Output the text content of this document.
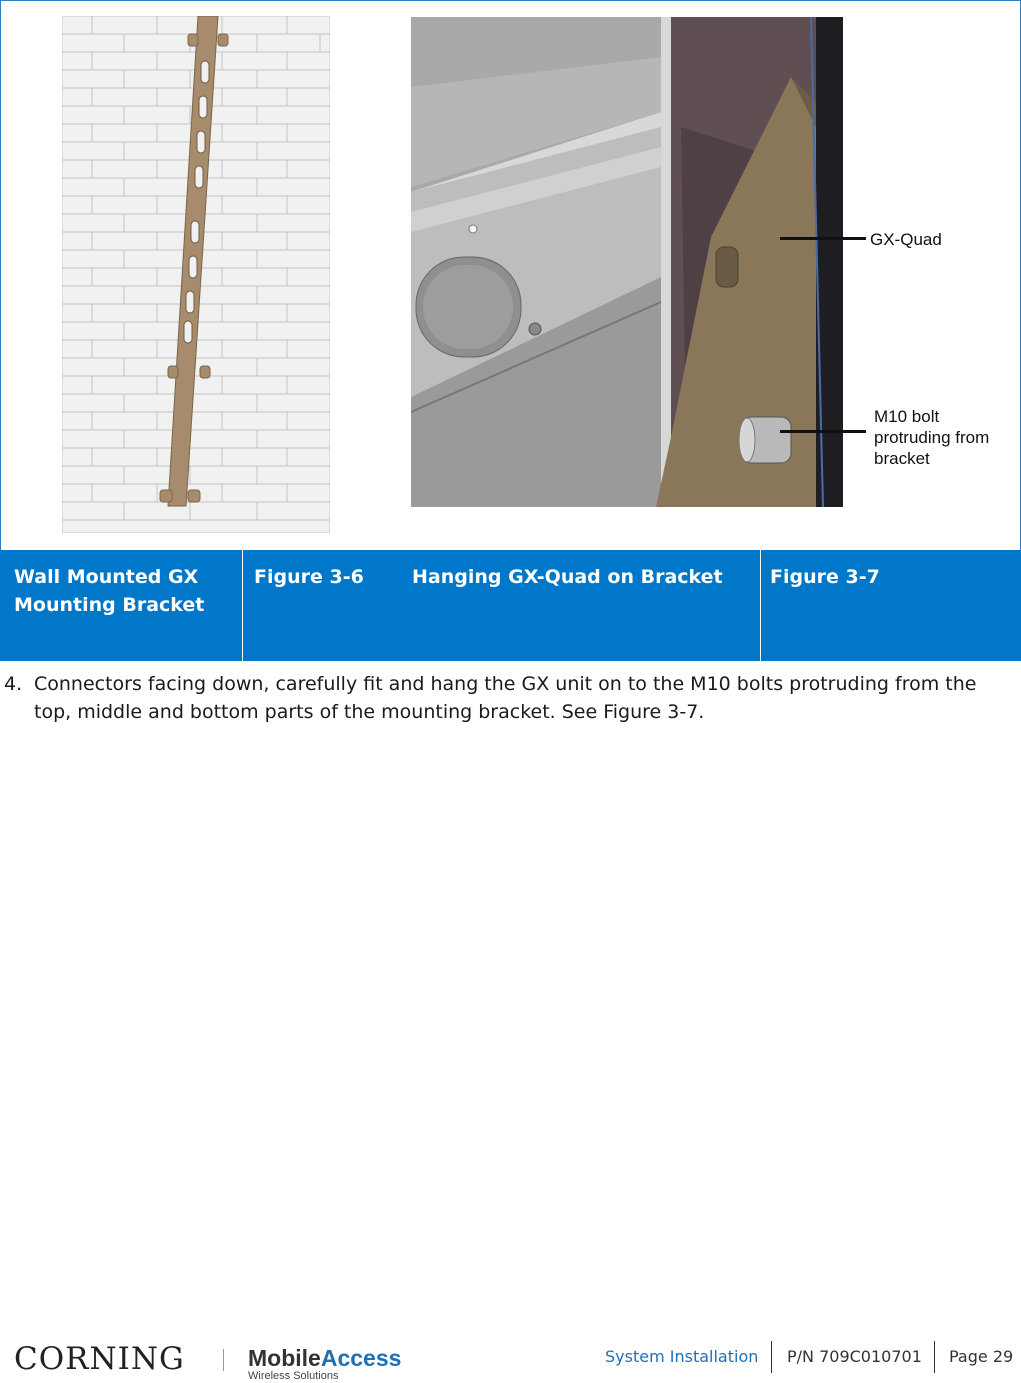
GX-Quad
M10 bolt
protruding from
bracket
Wall Mounted GX Mounting Bracket
Figure 3-6	Hanging GX-Quad on Bracket	Figure 3-7
4. Connectors facing down, carefully fit and hang the GX unit on to the M10 bolts protruding from the top, middle and bottom parts of the mounting bracket. See Figure 3-7.
CORNING	MobileAccess
Wireless Solutions
System Installation P/N 709C010701 Page 29
